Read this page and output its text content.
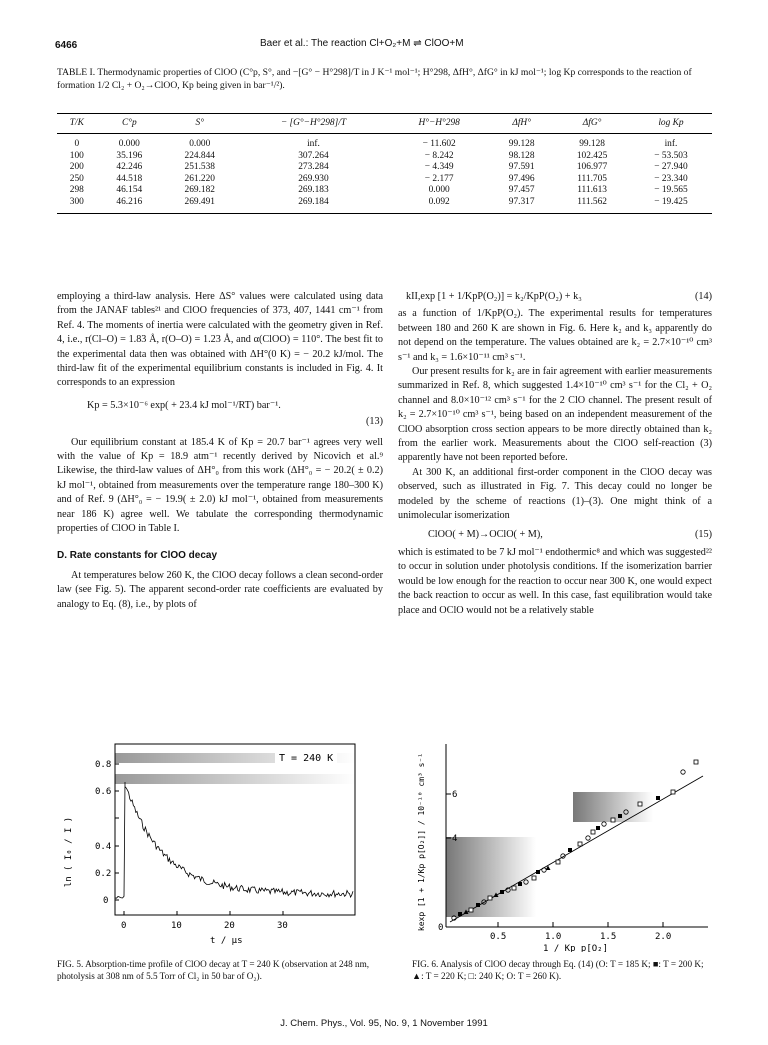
6466	Baer et al.: The reaction Cl+O₂+M ⇌ ClOO+M
TABLE I. Thermodynamic properties of ClOO (C°p, S°, and −[G° − H°298]/T in J K⁻¹ mol⁻¹; H°298, ΔfH°, ΔfG° in kJ mol⁻¹; log Kp corresponds to the reaction of formation 1/2 Cl₂ + O₂→ClOO, Kp being given in bar⁻¹/²).
T/K	C°p	S°	− [G°−H°298]/T	H°−H°298	ΔfH°	ΔfG°	log Kp
0	0.000	0.000	inf.	− 11.602	99.128	99.128	inf.
100	35.196	224.844	307.264	− 8.242	98.128	102.425	− 53.503
200	42.246	251.538	273.284	− 4.349	97.591	106.977	− 27.940
250	44.518	261.220	269.930	− 2.177	97.496	111.705	− 23.340
298	46.154	269.182	269.183	0.000	97.457	111.613	− 19.565
300	46.216	269.491	269.184	0.092	97.317	111.562	− 19.425

employing a third-law analysis. Here ΔS° values were calculated using data from the JANAF tables²¹ and ClOO frequencies of 373, 407, 1441 cm⁻¹ from Ref. 4. The moments of inertia were calculated with the geometry given in Ref. 4, i.e., r(Cl–O) = 1.83 Å, r(O–O) = 1.23 Å, and α(ClOO) = 110°. The best fit to the experimental data then was obtained with ΔH°(0 K) = − 20.2 kJ/mol. The third-law fit of the experimental equilibrium constants is included in Fig. 4. It corresponds to an expression

Kp = 5.3×10⁻⁶ exp( + 23.4 kJ mol⁻¹/RT) bar⁻¹.
(13)

Our equilibrium constant at 185.4 K of Kp = 20.7 bar⁻¹ agrees very well with the value of Kp = 18.9 atm⁻¹ recently derived by Nicovich et al.⁹ Likewise, the third-law values of ΔH°₀ from this work (ΔH°₀ = − 20.2( ± 0.2) kJ mol⁻¹, obtained from measurements over the temperature range 180–300 K) and of Ref. 9 (ΔH°₀ = − 19.9( ± 2.0) kJ mol⁻¹, obtained from measurements near 186 K) agree well. We tabulate the corresponding thermodynamic properties of ClOO in Table I.

D. Rate constants for ClOO decay

At temperatures below 260 K, the ClOO decay follows a clean second-order law (see Fig. 5). The apparent second-order rate coefficients are evaluated by analogy to Eq. (8), i.e., by plots of

kII,exp [1 + 1/KpP(O₂)] = k₂/KpP(O₂) + k₃	(14)

as a function of 1/KpP(O₂). The experimental results for temperatures between 180 and 260 K are shown in Fig. 6. Here k₂ and k₃ apparently do not depend on the temperature. The values obtained are k₂ = 2.7×10⁻¹⁰ cm³ s⁻¹ and k₃ = 1.6×10⁻¹¹ cm³ s⁻¹.

Our present results for k₂ are in fair agreement with earlier measurements summarized in Ref. 8, which suggested 1.4×10⁻¹⁰ cm³ s⁻¹ for the Cl₂ + O₂ channel and 8.0×10⁻¹² cm³ s⁻¹ for the 2 ClO channel. The present result of k₂ = 2.7×10⁻¹⁰ cm³ s⁻¹, being based on an independent measurement of the ClOO absorption cross section appears to be more directly obtained than k₂ from the earlier work. Measurements about the ClOO self-reaction (3) apparently have not been reported before.

At 300 K, an additional first-order component in the ClOO decay was observed, such as illustrated in Fig. 7. This decay could no longer be modeled by the scheme of reactions (1)–(3). One might think of a unimolecular isomerization

ClOO( + M)→OClO( + M),	(15)

which is estimated to be 7 kJ mol⁻¹ endothermic⁸ and which was suggested²² to occur in solution under photolysis conditions. If the isomerization barrier would be low enough for the reaction to occur near 300 K, one would expect the back reaction to occur as well. In this case, fast equilibration would take place and OClO would not be a relatively stable

T = 240 K
0
0.2
0.4
0.6
0.8
0	10	20	30
t / µs
ln ( I₀ / I )
FIG. 5. Absorption-time profile of ClOO decay at T = 240 K (observation at 248 nm, photolysis at 308 nm of 5.5 Torr of Cl₂ in 50 bar of O₂).
0
4
6
0.5	1.0	1.5	2.0
1 / Kp p[O₂]
kexp [1 + 1/Kp p[O₂]] / 10⁻¹⁰ cm³ s⁻¹
FIG. 6. Analysis of ClOO decay through Eq. (14) (O: T = 185 K; ■: T = 200 K; ▲: T = 220 K; □: 240 K; O: T = 260 K).
J. Chem. Phys., Vol. 95, No. 9, 1 November 1991
